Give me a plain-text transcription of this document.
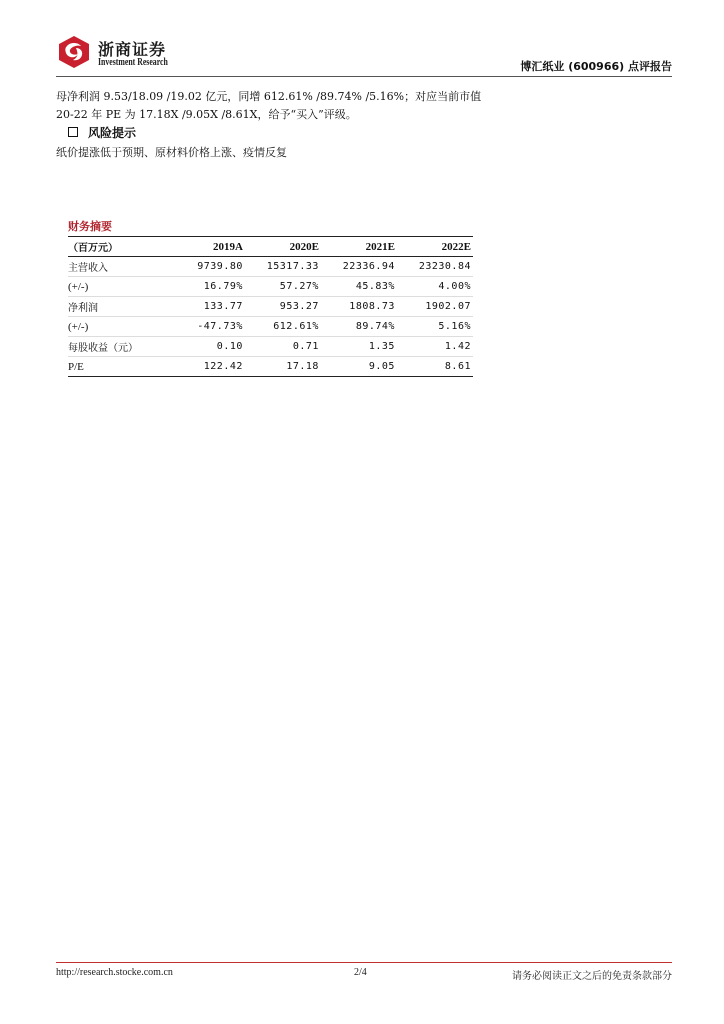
浙商证券
Investment Research	博汇纸业 (600966) 点评报告
母净利润 9.53/18.09 /19.02 亿元，同增 612.61% /89.74% /5.16%；对应当前市值
20-22 年 PE 为 17.18X /9.05X /8.61X，给予“买入”评级。
风险提示
纸价提涨低于预期、原材料价格上涨、疫情反复
财务摘要
（百万元）	2019A	2020E	2021E	2022E
主营收入	9739.80	15317.33	22336.94	23230.84
(+/-)	16.79%	57.27%	45.83%	4.00%
净利润	133.77	953.27	1808.73	1902.07
(+/-)	-47.73%	612.61%	89.74%	5.16%
每股收益（元）	0.10	0.71	1.35	1.42
P/E	122.42	17.18	9.05	8.61
http://research.stocke.com.cn	2/4	请务必阅读正文之后的免责条款部分
